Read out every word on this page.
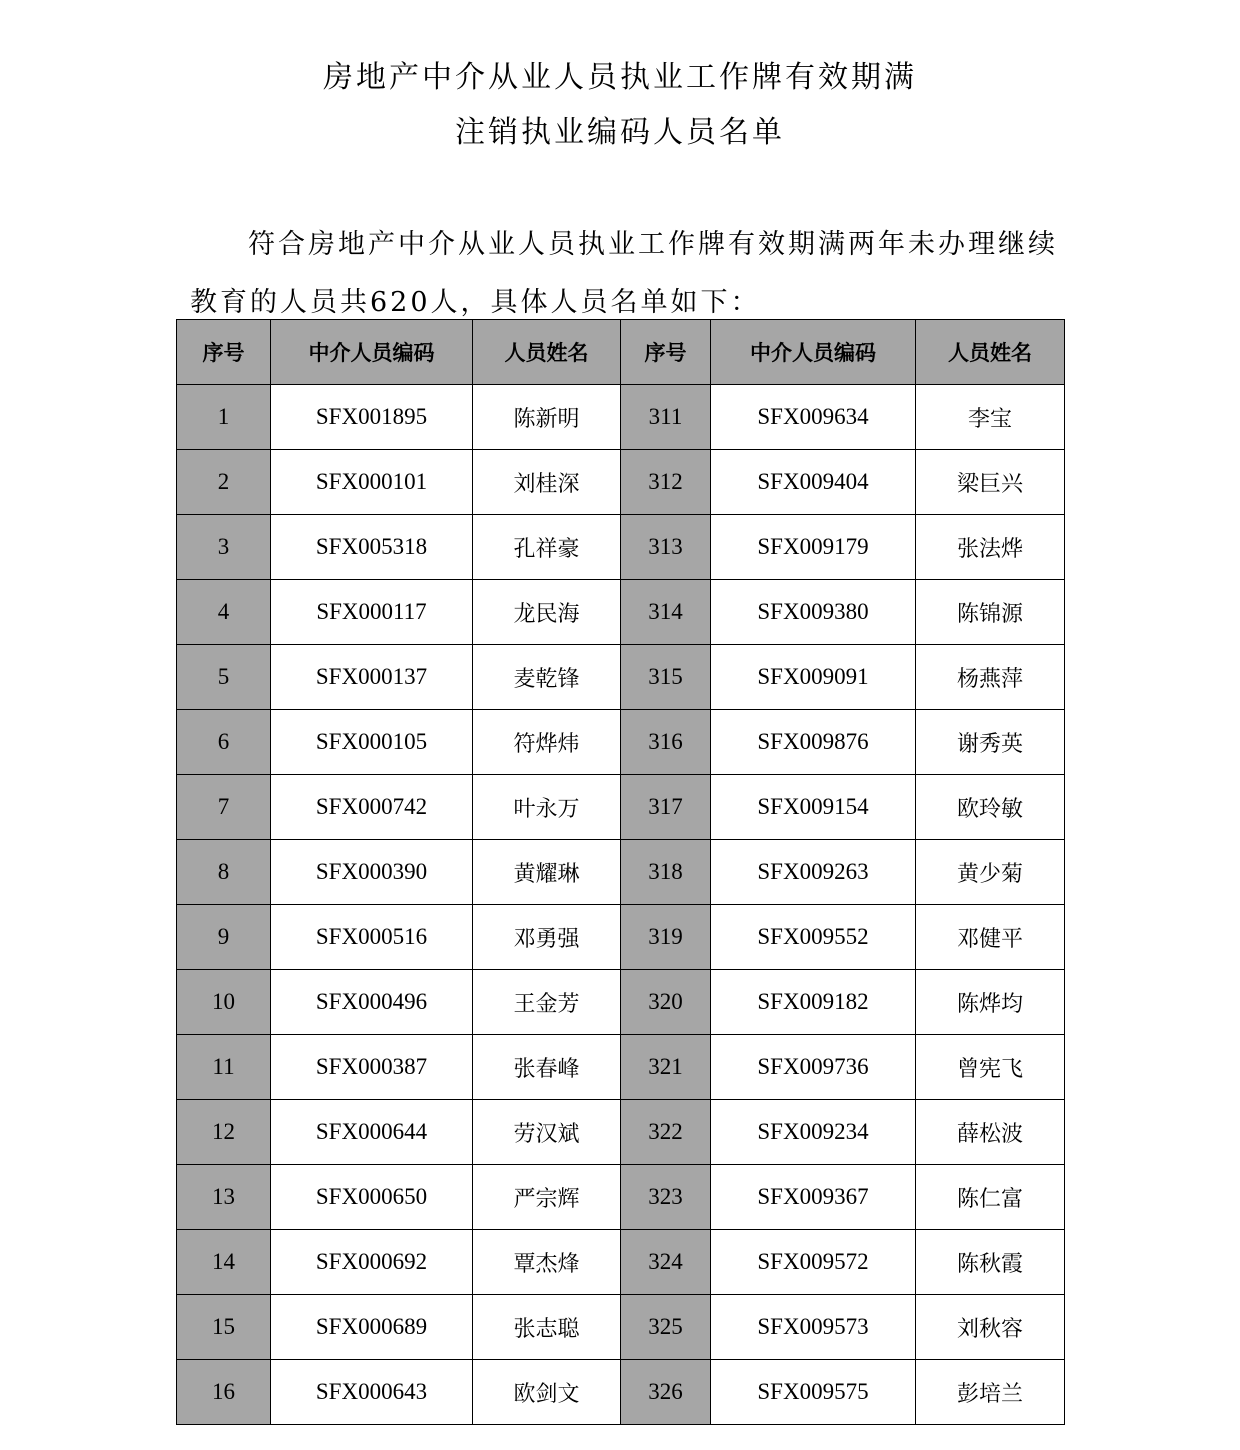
房地产中介从业人员执业工作牌有效期满
注销执业编码人员名单

符合房地产中介从业人员执业工作牌有效期满两年未办理继续

教育的人员共620人，具体人员名单如下：

序号	中介人员编码	人员姓名	序号	中介人员编码	人员姓名
1	SFX001895	陈新明	311	SFX009634	李宝
2	SFX000101	刘桂深	312	SFX009404	梁巨兴
3	SFX005318	孔祥豪	313	SFX009179	张法烨
4	SFX000117	龙民海	314	SFX009380	陈锦源
5	SFX000137	麦乾锋	315	SFX009091	杨燕萍
6	SFX000105	符烨炜	316	SFX009876	谢秀英
7	SFX000742	叶永万	317	SFX009154	欧玲敏
8	SFX000390	黄耀琳	318	SFX009263	黄少菊
9	SFX000516	邓勇强	319	SFX009552	邓健平
10	SFX000496	王金芳	320	SFX009182	陈烨均
11	SFX000387	张春峰	321	SFX009736	曾宪飞
12	SFX000644	劳汉斌	322	SFX009234	薛松波
13	SFX000650	严宗辉	323	SFX009367	陈仁富
14	SFX000692	覃杰烽	324	SFX009572	陈秋霞
15	SFX000689	张志聪	325	SFX009573	刘秋容
16	SFX000643	欧剑文	326	SFX009575	彭培兰
